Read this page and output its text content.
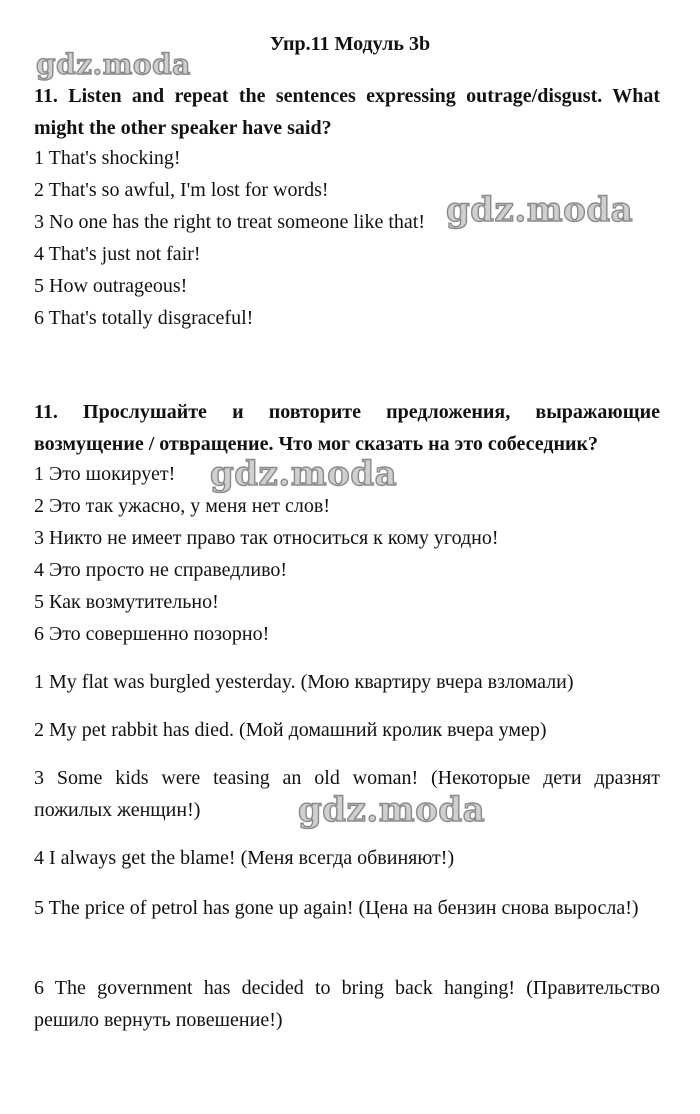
Упр.11 Модуль 3b
gdz.moda
11. Listen and repeat the sentences expressing outrage/disgust. What might the other speaker have said?
1 That's shocking!
2 That's so awful, I'm lost for words!
3 No one has the right to treat someone like that!
4 That's just not fair!
5 How outrageous!
6 That's totally disgraceful!
gdz.moda
11. Прослушайте и повторите предложения, выражающие возмущение / отвращение. Что мог сказать на это собеседник?
1 Это шокирует!
2 Это так ужасно, у меня нет слов!
3 Никто не имеет право так относиться к кому угодно!
4 Это просто не справедливо!
5 Как возмутительно!
6 Это совершенно позорно!
gdz.moda
1 My flat was burgled yesterday. (Мою квартиру вчера взломали)
2 My pet rabbit has died. (Мой домашний кролик вчера умер)
3 Some kids were teasing an old woman! (Некоторые дети дразнят пожилых женщин!)
4 I always get the blame! (Меня всегда обвиняют!)
5 The price of petrol has gone up again! (Цена на бензин снова выросла!)
6 The government has decided to bring back hanging! (Правительство решило вернуть повешение!)
gdz.moda
